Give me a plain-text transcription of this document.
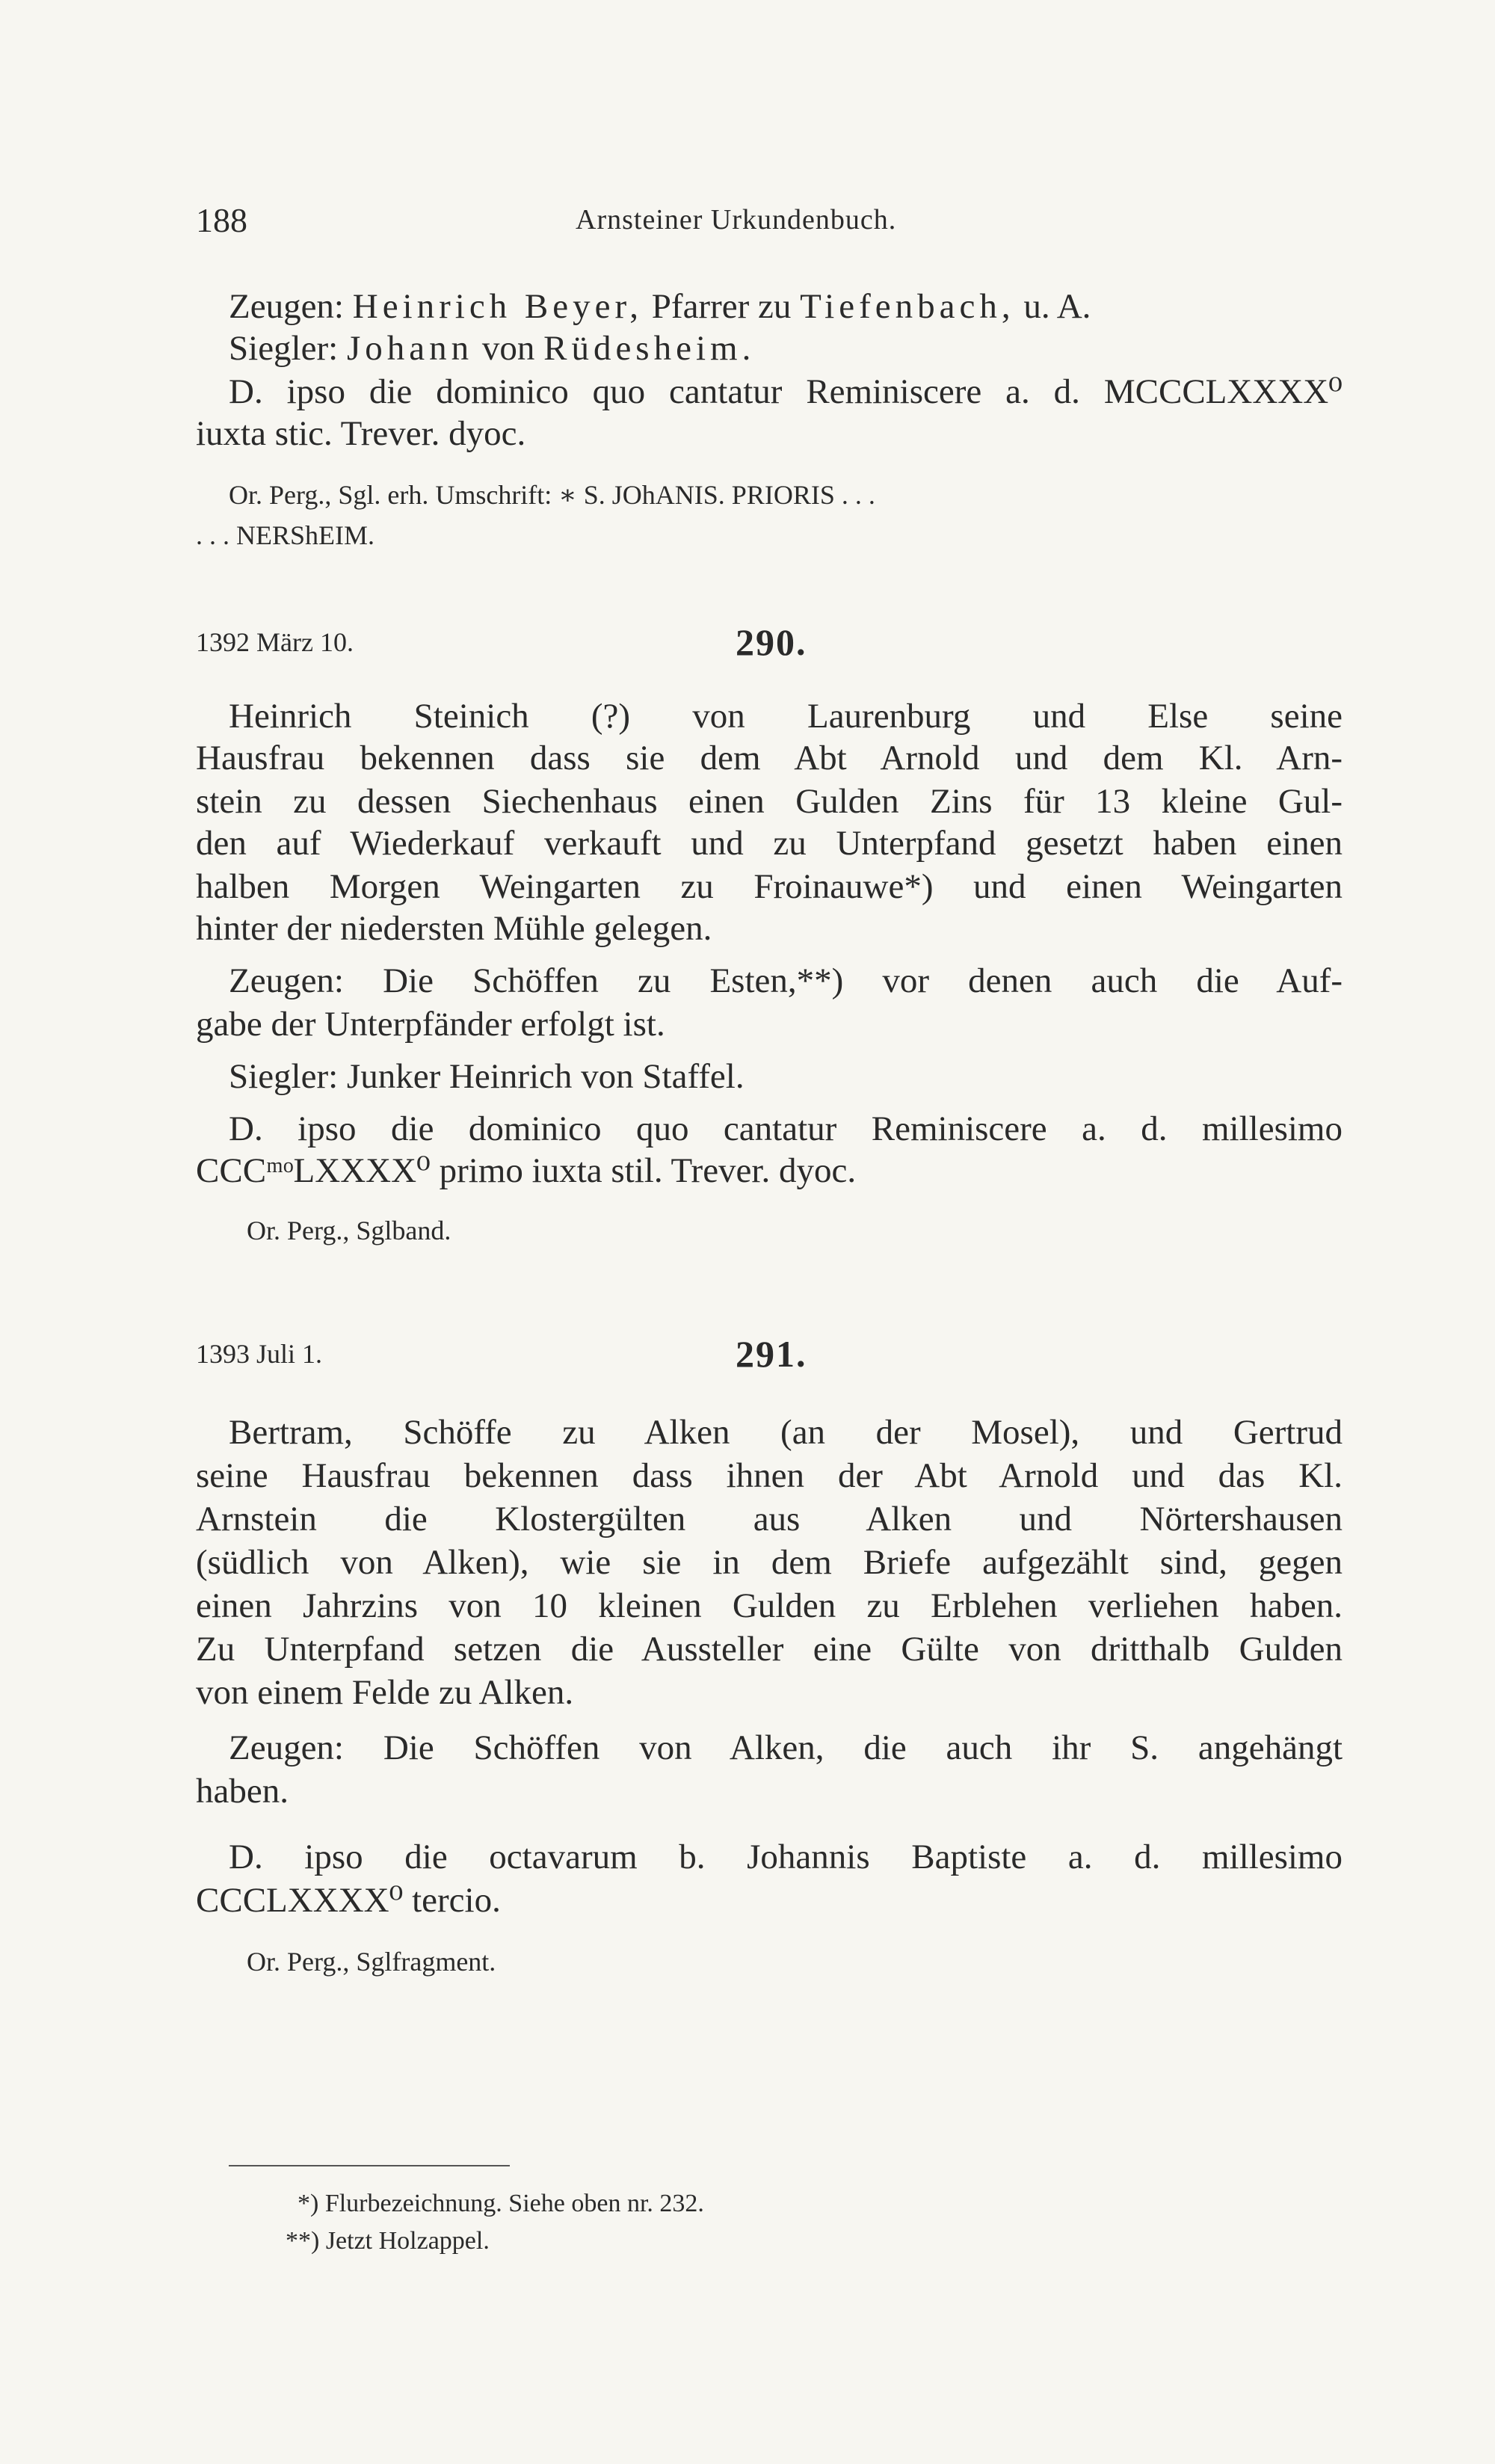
188	Arnsteiner Urkundenbuch.
Zeugen: Heinrich Beyer, Pfarrer zu Tiefenbach, u. A.
Siegler: Johann von Rüdesheim.
D. ipso die dominico quo cantatur Reminiscere a. d. MCCCLXXXX⁰
iuxta stic. Trever. dyoc.
Or. Perg., Sgl. erh. Umschrift: ∗ S. JOhANIS. PRIORIS . . .
. . . NERShEIM.
1392 März 10.	290.
Heinrich Steinich (?) von Laurenburg und Else seine
Hausfrau bekennen dass sie dem Abt Arnold und dem Kl. Arn-
stein zu dessen Siechenhaus einen Gulden Zins für 13 kleine Gul-
den auf Wiederkauf verkauft und zu Unterpfand gesetzt haben einen
halben Morgen Weingarten zu Froinauwe*) und einen Weingarten
hinter der niedersten Mühle gelegen.
Zeugen: Die Schöffen zu Esten,**) vor denen auch die Auf-
gabe der Unterpfänder erfolgt ist.
Siegler: Junker Heinrich von Staffel.
D. ipso die dominico quo cantatur Reminiscere a. d. millesimo
CCCᵐᵒLXXXX⁰ primo iuxta stil. Trever. dyoc.
Or. Perg., Sglband.
1393 Juli 1.	291.
Bertram, Schöffe zu Alken (an der Mosel), und Gertrud
seine Hausfrau bekennen dass ihnen der Abt Arnold und das Kl.
Arnstein die Klostergülten aus Alken und Nörtershausen
(südlich von Alken), wie sie in dem Briefe aufgezählt sind, gegen
einen Jahrzins von 10 kleinen Gulden zu Erblehen verliehen haben.
Zu Unterpfand setzen die Aussteller eine Gülte von dritthalb Gulden
von einem Felde zu Alken.
Zeugen: Die Schöffen von Alken, die auch ihr S. angehängt
haben.
D. ipso die octavarum b. Johannis Baptiste a. d. millesimo
CCCLXXXX⁰ tercio.
Or. Perg., Sglfragment.
*) Flurbezeichnung. Siehe oben nr. 232.
**) Jetzt Holzappel.
